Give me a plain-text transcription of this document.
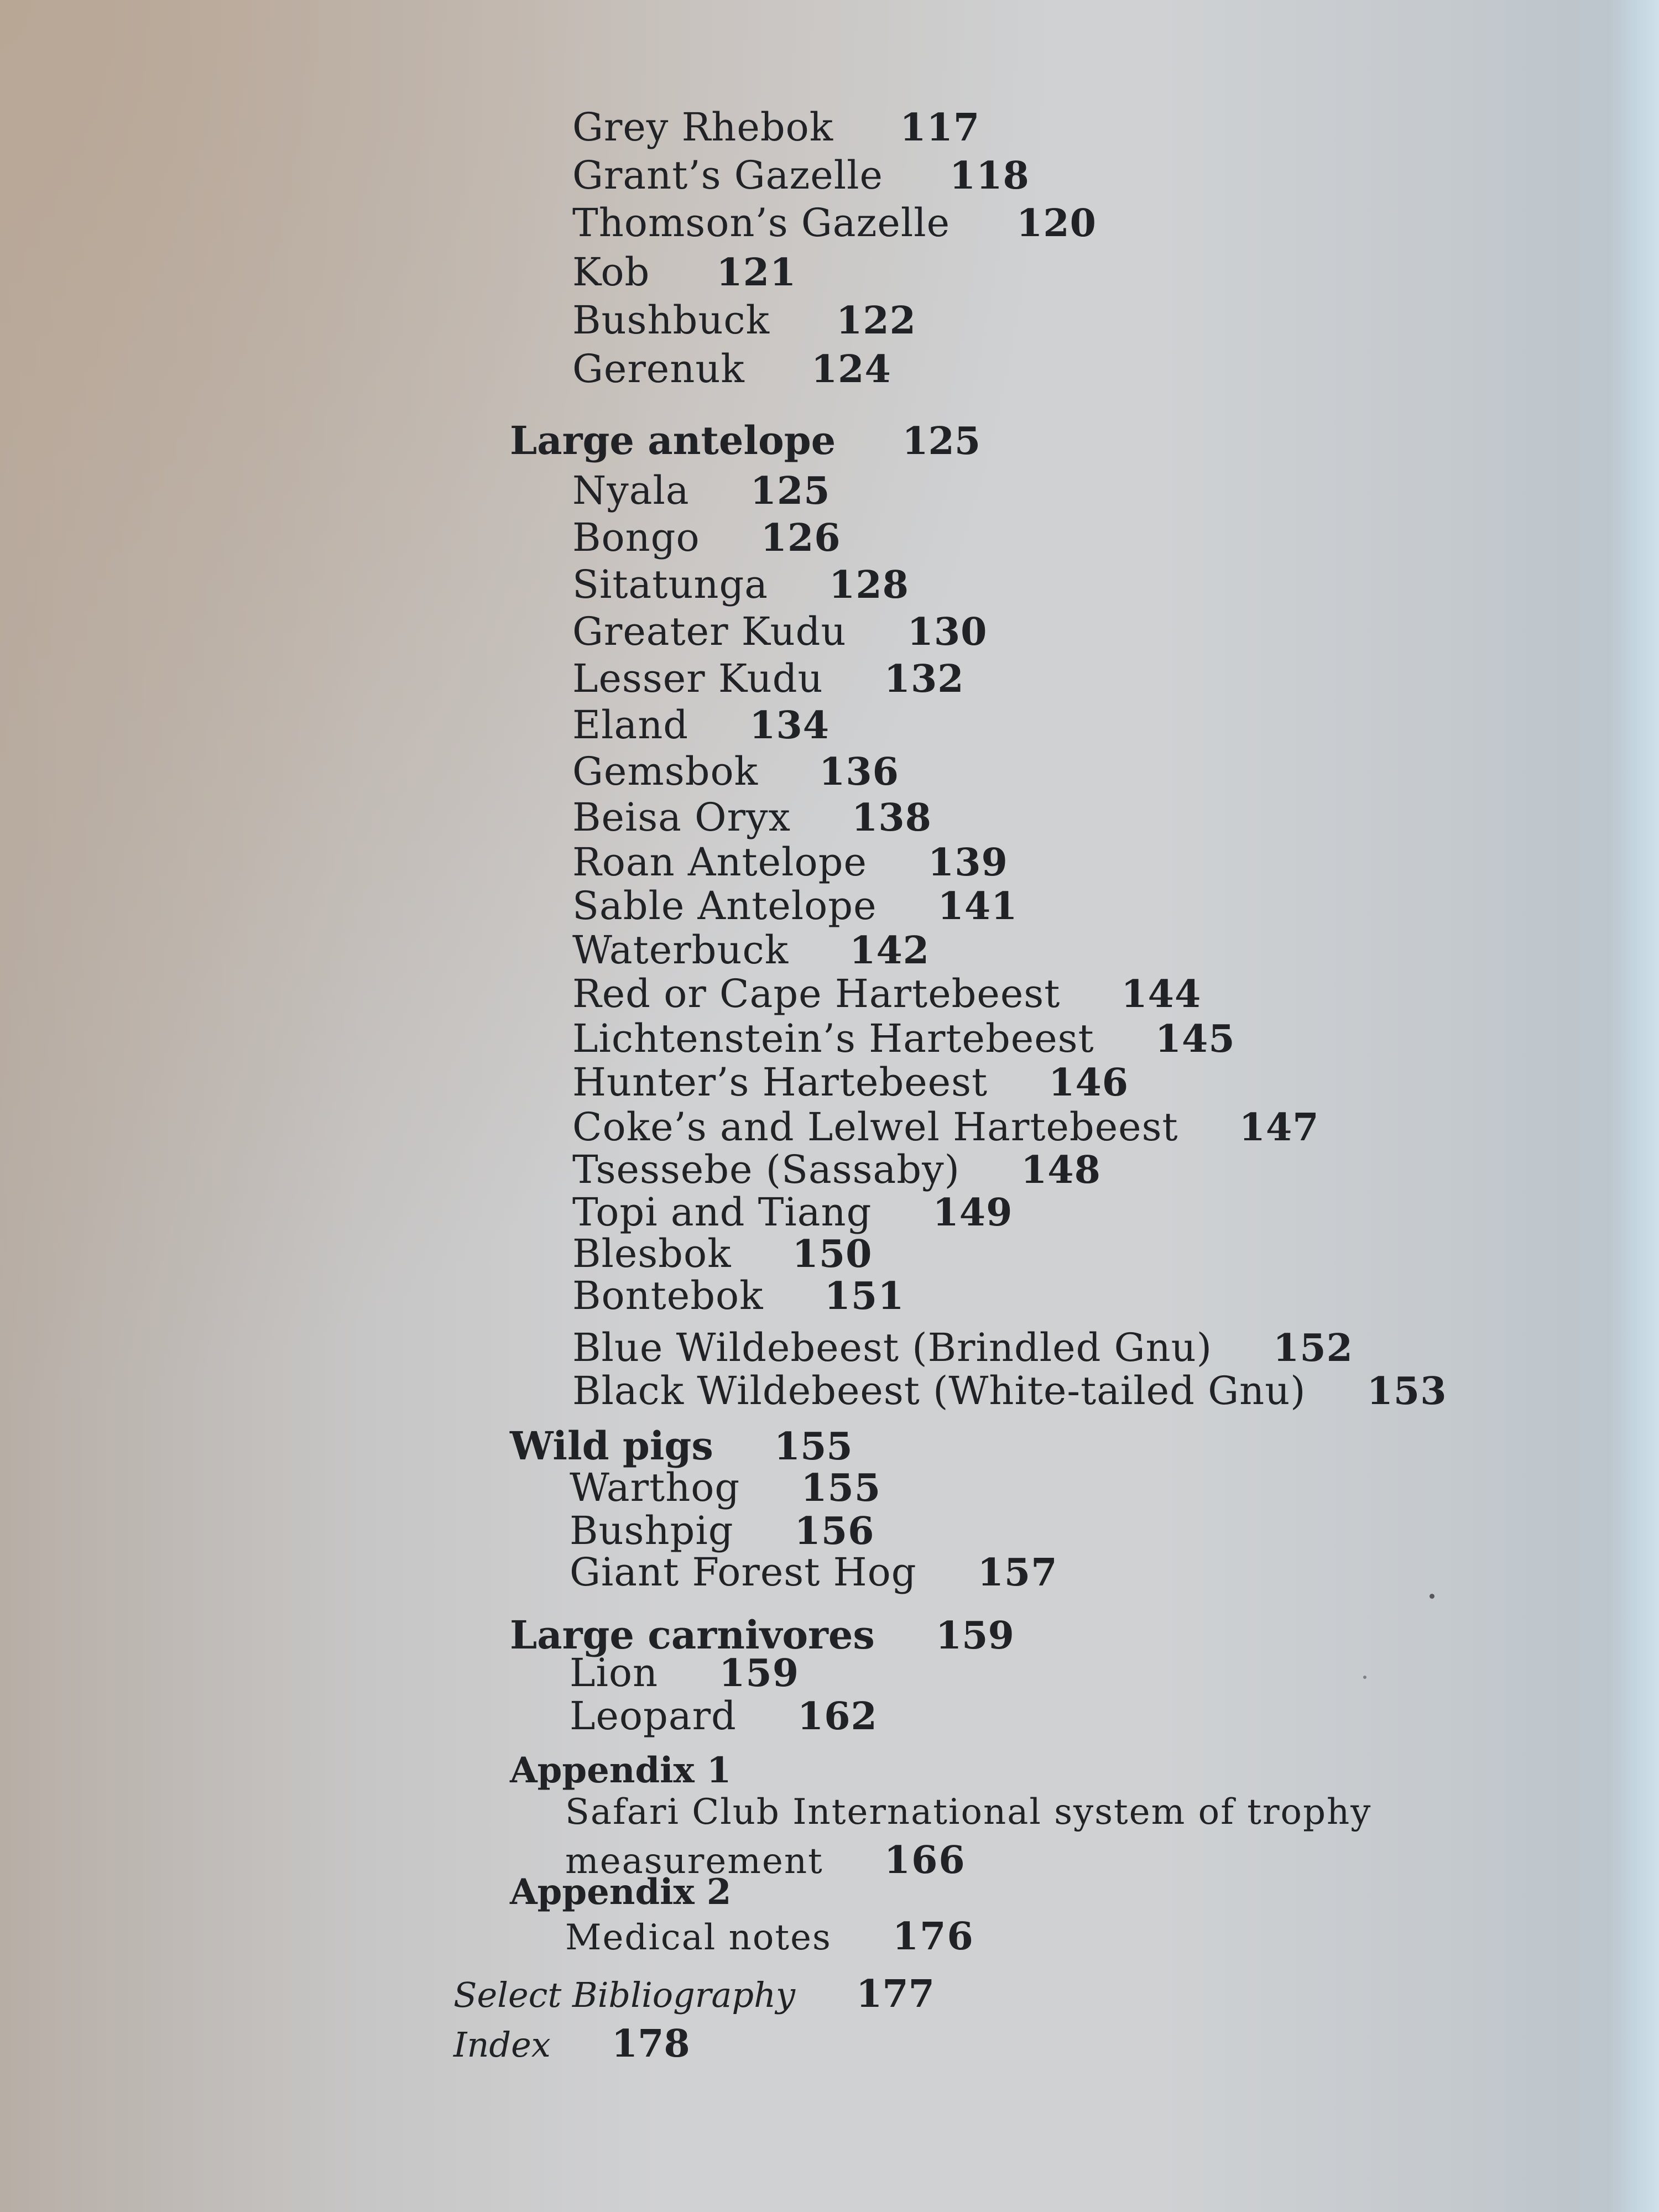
Grey Rhebok 117
Grant’s Gazelle 118
Thomson’s Gazelle 120
Kob 121
Bushbuck 122
Gerenuk 124
Large antelope 125
Nyala 125
Bongo 126
Sitatunga 128
Greater Kudu 130
Lesser Kudu 132
Eland 134
Gemsbok 136
Beisa Oryx 138
Roan Antelope 139
Sable Antelope 141
Waterbuck 142
Red or Cape Hartebeest 144
Lichtenstein’s Hartebeest 145
Hunter’s Hartebeest 146
Coke’s and Lelwel Hartebeest 147
Tsessebe (Sassaby) 148
Topi and Tiang 149
Blesbok 150
Bontebok 151
Blue Wildebeest (Brindled Gnu) 152
Black Wildebeest (White-tailed Gnu) 153
Wild pigs 155
Warthog 155
Bushpig 156
Giant Forest Hog 157
Large carnivores 159
Lion 159
Leopard 162
Appendix 1
Safari Club International system of trophy
measurement 166
Appendix 2
Medical notes 176
Select Bibliography 177
Index 178
